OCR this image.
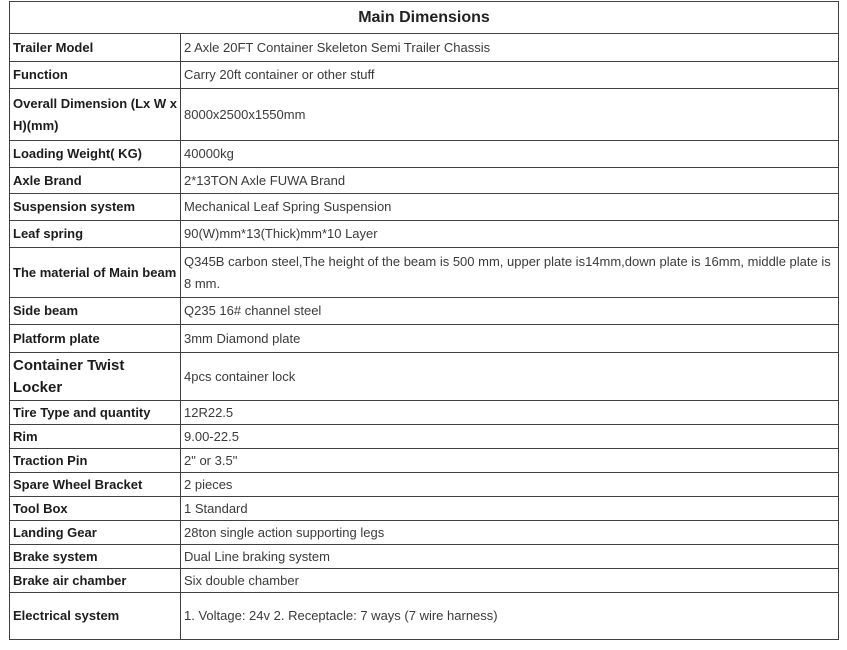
Main Dimensions	
Trailer Model	2 Axle 20FT Container Skeleton Semi Trailer Chassis
Function	Carry 20ft container or other stuff
Overall Dimension (Lx W x H)(mm)	8000x2500x1550mm
Loading Weight( KG)	40000kg
Axle Brand	2*13TON Axle FUWA Brand
Suspension system	Mechanical Leaf Spring Suspension
Leaf spring	90(W)mm*13(Thick)mm*10 Layer
The material of Main beam	Q345B carbon steel,The height of the beam is 500 mm, upper plate is14mm,down plate is 16mm, middle plate is 8 mm.
Side beam	Q235 16# channel steel
Platform plate	3mm Diamond plate
Container Twist Locker	4pcs container lock
Tire Type and quantity	12R22.5
Rim	9.00-22.5
Traction Pin	2" or 3.5"
Spare Wheel Bracket	2 pieces
Tool Box	1 Standard
Landing Gear	28ton single action supporting legs
Brake system	Dual Line braking system
Brake air chamber	Six double chamber
Electrical system	1. Voltage: 24v 2. Receptacle: 7 ways (7 wire harness)
